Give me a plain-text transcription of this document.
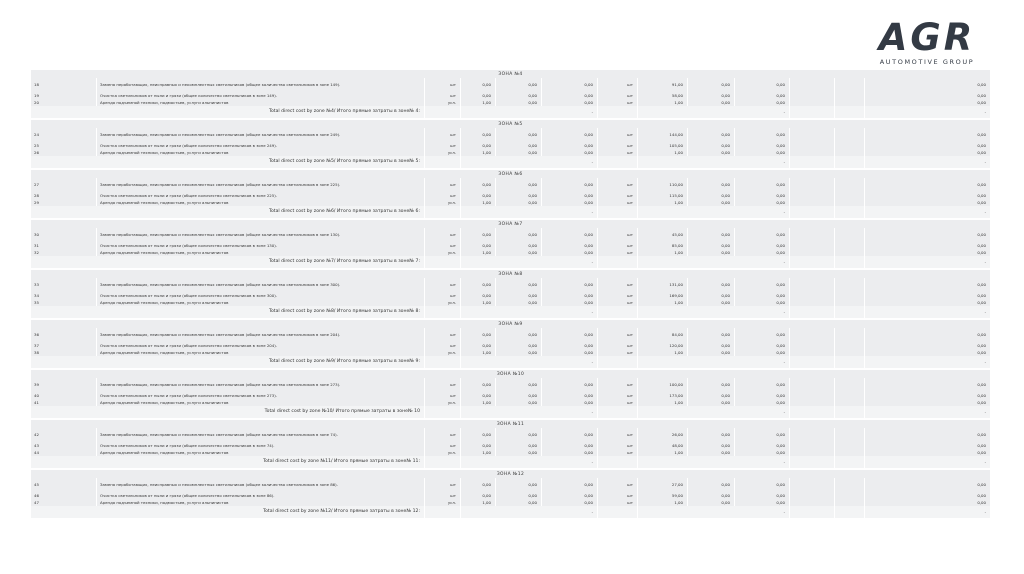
AGR
AUTOMOTIVE GROUP
ЗОНА №4
18	Замена неработающих, неисправных и некомплектных светильников (общее количество светильников в зоне 149).	шт	0,00	0,00	0,00	шт	91,00	0,00	0,00	0,00
19	Очистка светильников от пыли и грязи (общее количество светильников в зоне 149).	шт	0,00	0,00	0,00	шт	58,00	0,00	0,00	0,00
20	Аренда подъемной техники, подмостьев, услуги альпинистов	усл.	1,00	0,00	0,00	шт	1,00	0,00	0,00	0,00
Total direct cost by zone №4/ Итого прямые затраты в зоне№ 4:	-	-	-
ЗОНА №5
24	Замена неработающих, неисправных и некомплектных светильников (общее количество светильников в зоне 249).	шт	0,00	0,00	0,00	шт	144,00	0,00	0,00	0,00
25	Очистка светильников от пыли и грязи (общее количество светильников в зоне 249).	шт	0,00	0,00	0,00	шт	105,00	0,00	0,00	0,00
26	Аренда подъемной техники, подмостьев, услуги альпинистов	усл.	1,00	0,00	0,00	шт	1,00	0,00	0,00	0,00
Total direct cost by zone №5/ Итого прямые затраты в зоне№ 5:	-	-	-
ЗОНА №6
27	Замена неработающих, неисправных и некомплектных светильников (общее количество светильников в зоне 225).	шт	0,00	0,00	0,00	шт	110,00	0,00	0,00	0,00
28	Очистка светильников от пыли и грязи (общее количество светильников в зоне 225).	шт	0,00	0,00	0,00	шт	115,00	0,00	0,00	0,00
29	Аренда подъемной техники, подмостьев, услуги альпинистов	усл.	1,00	0,00	0,00	шт	1,00	0,00	0,00	0,00
Total direct cost by zone №6/ Итого прямые затраты в зоне№ 6:	-	-	-
ЗОНА №7
30	Замена неработающих, неисправных и некомплектных светильников (общее количество светильников в зоне 130).	шт	0,00	0,00	0,00	шт	45,00	0,00	0,00	0,00
31	Очистка светильников от пыли и грязи (общее количество светильников в зоне 130).	шт	0,00	0,00	0,00	шт	85,00	0,00	0,00	0,00
32	Аренда подъемной техники, подмостьев, услуги альпинистов	усл.	1,00	0,00	0,00	шт	1,00	0,00	0,00	0,00
Total direct cost by zone №7/ Итого прямые затраты в зоне№ 7:	-	-	-
ЗОНА №8
33	Замена неработающих, неисправных и некомплектных светильников (общее количество светильников в зоне 300).	шт	0,00	0,00	0,00	шт	131,00	0,00	0,00	0,00
34	Очистка светильников от пыли и грязи (общее количество светильников в зоне 300).	шт	0,00	0,00	0,00	шт	169,00	0,00	0,00	0,00
35	Аренда подъемной техники, подмостьев, услуги альпинистов	усл.	1,00	0,00	0,00	шт	1,00	0,00	0,00	0,00
Total direct cost by zone №8/ Итого прямые затраты в зоне№ 8:	-	-	-
ЗОНА №9
36	Замена неработающих, неисправных и некомплектных светильников (общее количество светильников в зоне 204).	шт	0,00	0,00	0,00	шт	84,00	0,00	0,00	0,00
37	Очистка светильников от пыли и грязи (общее количество светильников в зоне 204).	шт	0,00	0,00	0,00	шт	120,00	0,00	0,00	0,00
38	Аренда подъемной техники, подмостьев, услуги альпинистов	усл.	1,00	0,00	0,00	шт	1,00	0,00	0,00	0,00
Total direct cost by zone №9/ Итого прямые затраты в зоне№ 9:	-	-	-
ЗОНА №10
39	Замена неработающих, неисправных и некомплектных светильников (общее количество светильников в зоне 273).	шт	0,00	0,00	0,00	шт	100,00	0,00	0,00	0,00
40	Очистка светильников от пыли и грязи (общее количество светильников в зоне 273).	шт	0,00	0,00	0,00	шт	173,00	0,00	0,00	0,00
41	Аренда подъемной техники, подмостьев, услуги альпинистов	усл.	1,00	0,00	0,00	шт	1,00	0,00	0,00	0,00
Total direct cost by zone №10/ Итого прямые затраты в зоне№ 10	-	-	-
ЗОНА №11
42	Замена неработающих, неисправных и некомплектных светильников (общее количество светильников в зоне 74).	шт	0,00	0,00	0,00	шт	26,00	0,00	0,00	0,00
43	Очистка светильников от пыли и грязи (общее количество светильников в зоне 74).	шт	0,00	0,00	0,00	шт	48,00	0,00	0,00	0,00
44	Аренда подъемной техники, подмостьев, услуги альпинистов	усл.	1,00	0,00	0,00	шт	1,00	0,00	0,00	0,00
Total direct cost by zone №11/ Итого прямые затраты в зоне№ 11:	-	-	-
ЗОНА №12
45	Замена неработающих, неисправных и некомплектных светильников (общее количество светильников в зоне 86).	шт	0,00	0,00	0,00	шт	27,00	0,00	0,00	0,00
46	Очистка светильников от пыли и грязи (общее количество светильников в зоне 86).	шт	0,00	0,00	0,00	шт	59,00	0,00	0,00	0,00
47	Аренда подъемной техники, подмостьев, услуги альпинистов	усл.	1,00	0,00	0,00	шт	1,00	0,00	0,00	0,00
Total direct cost by zone №12/ Итого прямые затраты в зоне№ 12:	-	-	-
